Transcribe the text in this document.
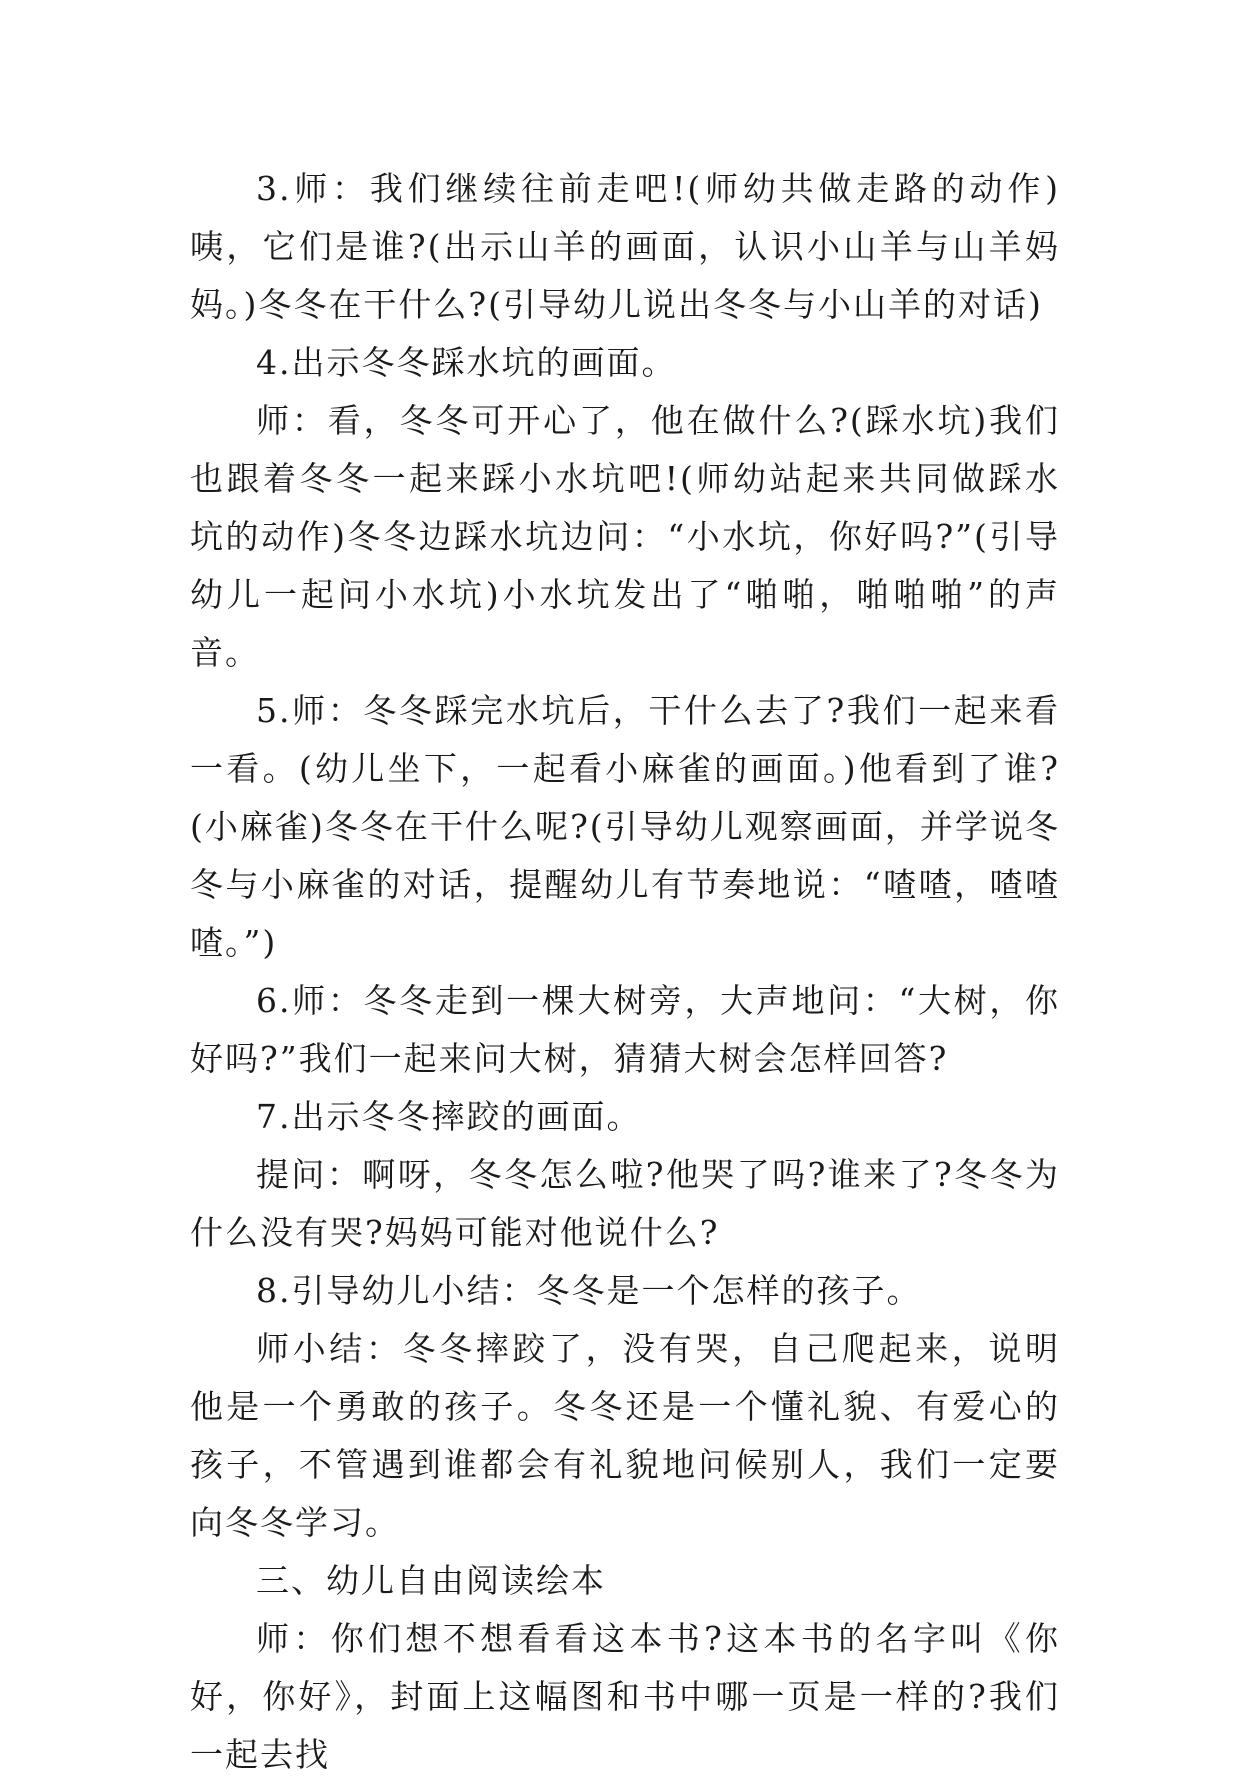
3.师：我们继续往前走吧!(师幼共做走路的动作)咦，它们是谁?(出示山羊的画面，认识小山羊与山羊妈妈。)冬冬在干什么?(引导幼儿说出冬冬与小山羊的对话)

4.出示冬冬踩水坑的画面。

师：看，冬冬可开心了，他在做什么?(踩水坑)我们也跟着冬冬一起来踩小水坑吧!(师幼站起来共同做踩水坑的动作)冬冬边踩水坑边问：“小水坑，你好吗?”(引导幼儿一起问小水坑)小水坑发出了“啪啪，啪啪啪”的声音。

5.师：冬冬踩完水坑后，干什么去了?我们一起来看一看。(幼儿坐下，一起看小麻雀的画面。)他看到了谁?(小麻雀)冬冬在干什么呢?(引导幼儿观察画面，并学说冬冬与小麻雀的对话，提醒幼儿有节奏地说：“喳喳，喳喳喳。”)

6.师：冬冬走到一棵大树旁，大声地问：“大树，你好吗?”我们一起来问大树，猜猜大树会怎样回答?

7.出示冬冬摔跤的画面。

提问：啊呀，冬冬怎么啦?他哭了吗?谁来了?冬冬为什么没有哭?妈妈可能对他说什么?

8.引导幼儿小结：冬冬是一个怎样的孩子。

师小结：冬冬摔跤了，没有哭，自己爬起来，说明他是一个勇敢的孩子。冬冬还是一个懂礼貌、有爱心的孩子，不管遇到谁都会有礼貌地问候别人，我们一定要向冬冬学习。

三、幼儿自由阅读绘本

师：你们想不想看看这本书?这本书的名字叫《你好，你好》，封面上这幅图和书中哪一页是一样的?我们一起去找
